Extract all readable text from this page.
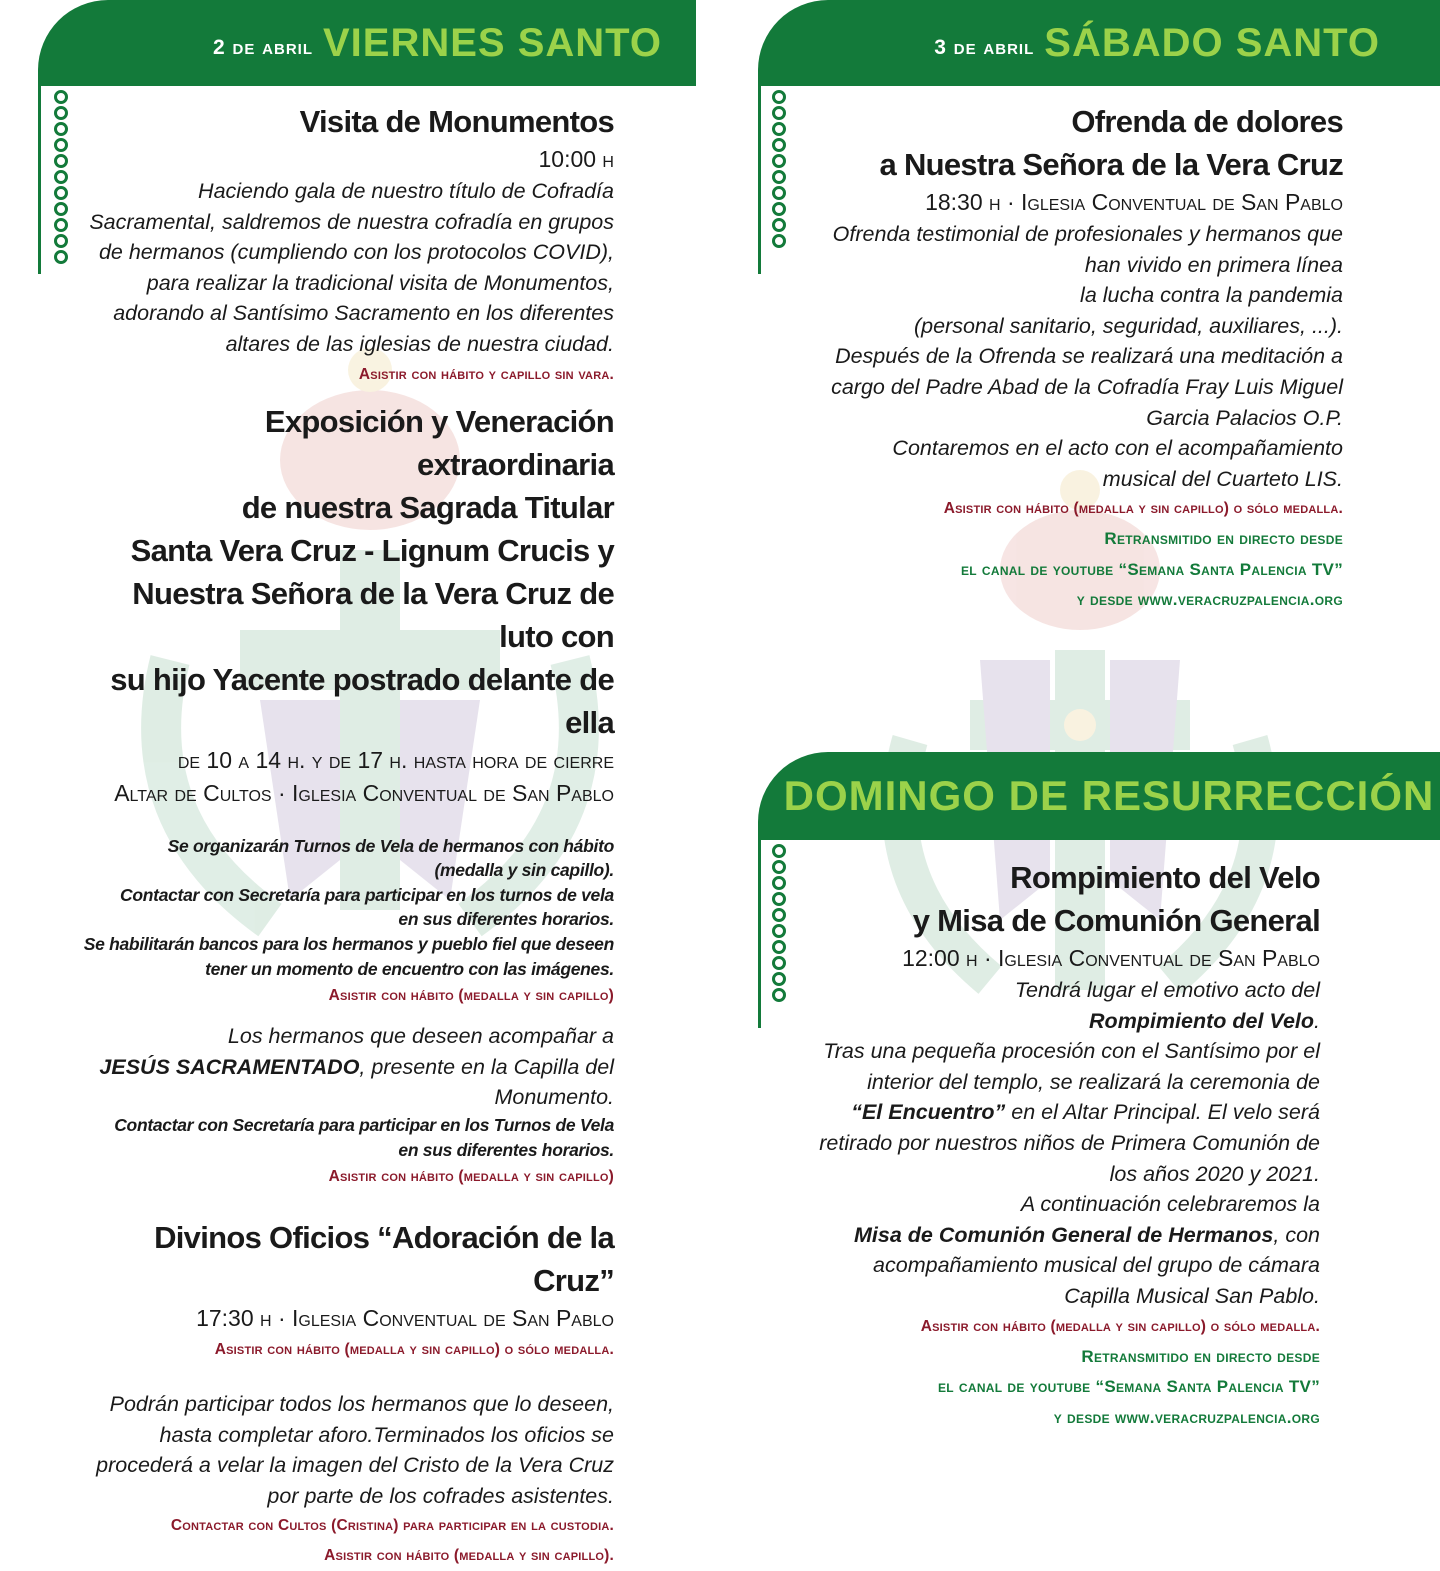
2 de abril VIERNES SANTO	3 de abril SÁBADO SANTO
DOMINGO DE RESURRECCIÓN
Visita de Monumentos
10:00 h
Haciendo gala de nuestro título de Cofradía
Sacramental, saldremos de nuestra cofradía en grupos
de hermanos (cumpliendo con los protocolos COVID),
para realizar la tradicional visita de Monumentos,
adorando al Santísimo Sacramento en los diferentes
altares de las iglesias de nuestra ciudad.
Asistir con hábito y capillo sin vara.
Exposición y Veneración extraordinaria
de nuestra Sagrada Titular
Santa Vera Cruz - Lignum Crucis y
Nuestra Señora de la Vera Cruz de luto con
su hijo Yacente postrado delante de ella
de 10 a 14 h. y de 17 h. hasta hora de cierre
Altar de Cultos · Iglesia Conventual de San Pablo
Se organizarán Turnos de Vela de hermanos con hábito
(medalla y sin capillo).
Contactar con Secretaría para participar en los turnos de vela
en sus diferentes horarios.
Se habilitarán bancos para los hermanos y pueblo fiel que deseen
tener un momento de encuentro con las imágenes.
Asistir con hábito (medalla y sin capillo)
Los hermanos que deseen acompañar a
JESÚS SACRAMENTADO, presente en la Capilla del
Monumento.
Contactar con Secretaría para participar en los Turnos de Vela
en sus diferentes horarios.
Asistir con hábito (medalla y sin capillo)
Divinos Oficios “Adoración de la Cruz”
17:30 h · Iglesia Conventual de San Pablo
Asistir con hábito (medalla y sin capillo) o sólo medalla.
Podrán participar todos los hermanos que lo deseen,
hasta completar aforo.Terminados los oficios se
procederá a velar la imagen del Cristo de la Vera Cruz
por parte de los cofrades asistentes.
Contactar con Cultos (Cristina) para participar en la custodia.
Asistir con hábito (medalla y sin capillo).
Ofrenda de dolores
a Nuestra Señora de la Vera Cruz
18:30 h · Iglesia Conventual de San Pablo
Ofrenda testimonial de profesionales y hermanos que
han vivido en primera línea
la lucha contra la pandemia
(personal sanitario, seguridad, auxiliares, ...).
Después de la Ofrenda se realizará una meditación a
cargo del Padre Abad de la Cofradía Fray Luis Miguel
Garcia Palacios O.P.
Contaremos en el acto con el acompañamiento
musical del Cuarteto LIS.
Asistir con hábito (medalla y sin capillo) o sólo medalla.
Retransmitido en directo desde
el canal de youtube “Semana Santa Palencia TV”
y desde www.veracruzpalencia.org
Rompimiento del Velo
y Misa de Comunión General
12:00 h · Iglesia Conventual de San Pablo
Tendrá lugar el emotivo acto del
Rompimiento del Velo.
Tras una pequeña procesión con el Santísimo por el
interior del templo, se realizará la ceremonia de
“El Encuentro” en el Altar Principal. El velo será
retirado por nuestros niños de Primera Comunión de
los años 2020 y 2021.
A continuación celebraremos la
Misa de Comunión General de Hermanos, con
acompañamiento musical del grupo de cámara
Capilla Musical San Pablo.
Asistir con hábito (medalla y sin capillo) o sólo medalla.
Retransmitido en directo desde
el canal de youtube “Semana Santa Palencia TV”
y desde www.veracruzpalencia.org
